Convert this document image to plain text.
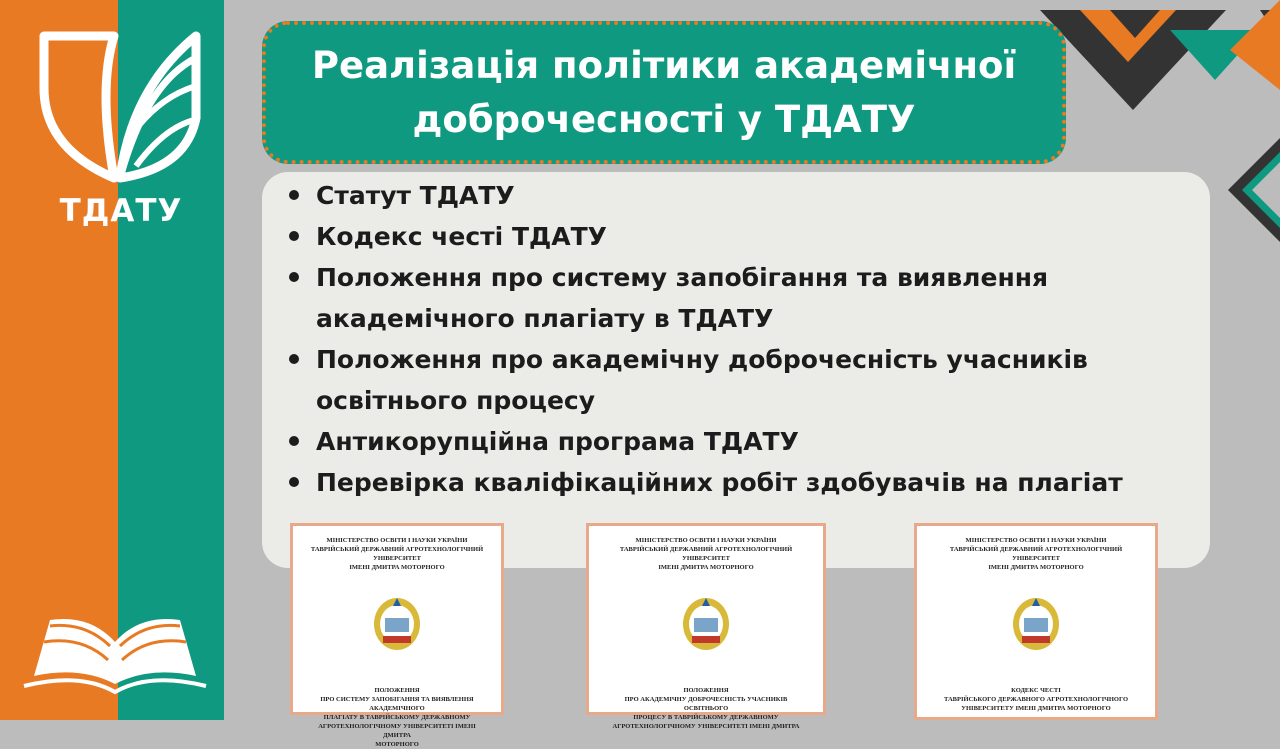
ТДАТУ
Реалізація політики академічної
доброчесності у ТДАТУ
Статут ТДАТУ
Кодекс честі ТДАТУ
Положення про систему запобігання та виявлення
академічного плагіату в ТДАТУ
Положення про академічну доброчесність учасників
освітнього процесу
Антикорупційна програма ТДАТУ
Перевірка кваліфікаційних робіт здобувачів на плагіат
МІНІСТЕРСТВО ОСВІТИ І НАУКИ УКРАЇНИ
ТАВРІЙСЬКИЙ ДЕРЖАВНИЙ АГРОТЕХНОЛОГІЧНИЙ УНІВЕРСИТЕТ
ІМЕНІ ДМИТРА МОТОРНОГО
ПОЛОЖЕННЯ
ПРО СИСТЕМУ ЗАПОБІГАННЯ ТА ВИЯВЛЕННЯ АКАДЕМІЧНОГО
ПЛАГІАТУ В ТАВРІЙСЬКОМУ ДЕРЖАВНОМУ
АГРОТЕХНОЛОГІЧНОМУ УНІВЕРСИТЕТІ ІМЕНІ ДМИТРА
МОТОРНОГО
МІНІСТЕРСТВО ОСВІТИ І НАУКИ УКРАЇНИ
ТАВРІЙСЬКИЙ ДЕРЖАВНИЙ АГРОТЕХНОЛОГІЧНИЙ УНІВЕРСИТЕТ
ІМЕНІ ДМИТРА МОТОРНОГО
ПОЛОЖЕННЯ
ПРО АКАДЕМІЧНУ ДОБРОЧЕСНІСТЬ УЧАСНИКІВ ОСВІТНЬОГО
ПРОЦЕСУ В ТАВРІЙСЬКОМУ ДЕРЖАВНОМУ
АГРОТЕХНОЛОГІЧНОМУ УНІВЕРСИТЕТІ ІМЕНІ ДМИТРА
МІНІСТЕРСТВО ОСВІТИ І НАУКИ УКРАЇНИ
ТАВРІЙСЬКИЙ ДЕРЖАВНИЙ АГРОТЕХНОЛОГІЧНИЙ УНІВЕРСИТЕТ
ІМЕНІ ДМИТРА МОТОРНОГО
КОДЕКС ЧЕСТІ
ТАВРІЙСЬКОГО ДЕРЖАВНОГО АГРОТЕХНОЛОГІЧНОГО
УНІВЕРСИТЕТУ ІМЕНІ ДМИТРА МОТОРНОГО
